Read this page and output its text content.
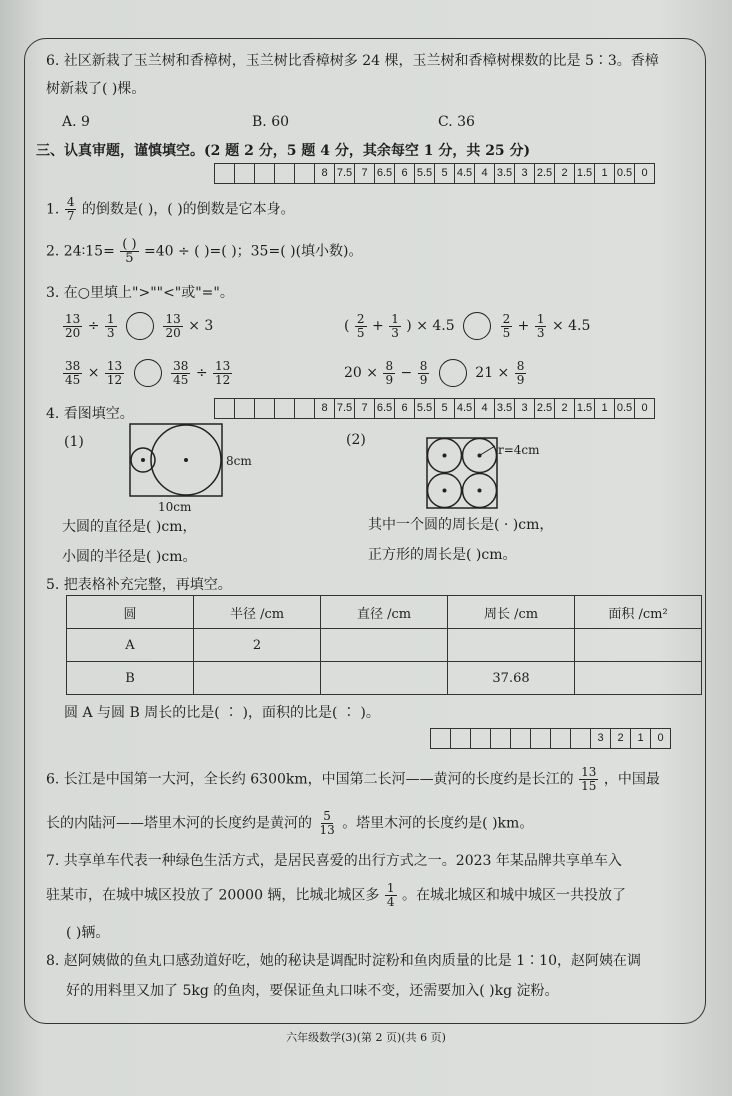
6. 社区新栽了玉兰树和香樟树，玉兰树比香樟树多 24 棵，玉兰树和香樟树棵数的比是 5∶3。香樟
树新栽了( )棵。
A. 9	B. 60	C. 36
三、认真审题，谨慎填空。(2 题 2 分，5 题 4 分，其余每空 1 分，共 25 分)
8 7.5 7 6.5 6 5.5 5 4.5 4 3.5 3 2.5 2 1.5 1 0.5 0
1. $\frac{4}{7}$ 的倒数是( )，( )的倒数是它本身。
2. 24∶15= $\frac{( )}{5} =40$ ÷ ( )=( )；35=( )(填小数)。
3. 在○里填上">""<"或"="。
$\frac{13}{20} \div \frac{1}{3}$
	$\frac{13}{20} \times 3$	( $\frac{2}{5} + \frac{1}{3}$ ) × 4.5	$\frac{2}{5} + \frac{1}{3} \times 4.5$
$\frac{38}{45} \times \frac{13}{12}$
	$\frac{38}{45} \div \frac{13}{12}$	$20 \times \frac{8}{9} - \frac{8}{9}$	$21 \times \frac{8}{9}$
4. 看图填空。	8 7.5 7 6.5 6 5.5 5 4.5 4 3.5 3 2.5 2 1.5 1 0.5 0
(1)	(2)
8cm
10cm
r=4cm
大圆的直径是( )cm，
小圆的半径是( )cm。
其中一个圆的周长是( · )cm，
正方形的周长是( )cm。
5. 把表格补充完整，再填空。
圆	半径 /cm	直径 /cm	周长 /cm	面积 /cm²
A	2			
B			37.68	
圆 A 与圆 B 周长的比是( ∶ )，面积的比是( ∶ )。
3	2	1	0
6. 长江是中国第一大河，全长约 6300km，中国第二长河——黄河的长度约是长江的 $\frac{13}{15}$ ，中国最
长的内陆河——塔里木河的长度约是黄河的 $\frac{5}{13}$ 。塔里木河的长度约是( )km。
7. 共享单车代表一种绿色生活方式，是居民喜爱的出行方式之一。2023 年某品牌共享单车入
驻某市，在城中城区投放了 20000 辆，比城北城区多 $\frac{1}{4}$ 。在城北城区和城中城区一共投放了
( )辆。
8. 赵阿姨做的鱼丸口感劲道好吃，她的秘诀是调配时淀粉和鱼肉质量的比是 1∶10，赵阿姨在调
好的用料里又加了 5kg 的鱼肉，要保证鱼丸口味不变，还需要加入( )kg 淀粉。
六年级数学(3)(第 2 页)(共 6 页)
